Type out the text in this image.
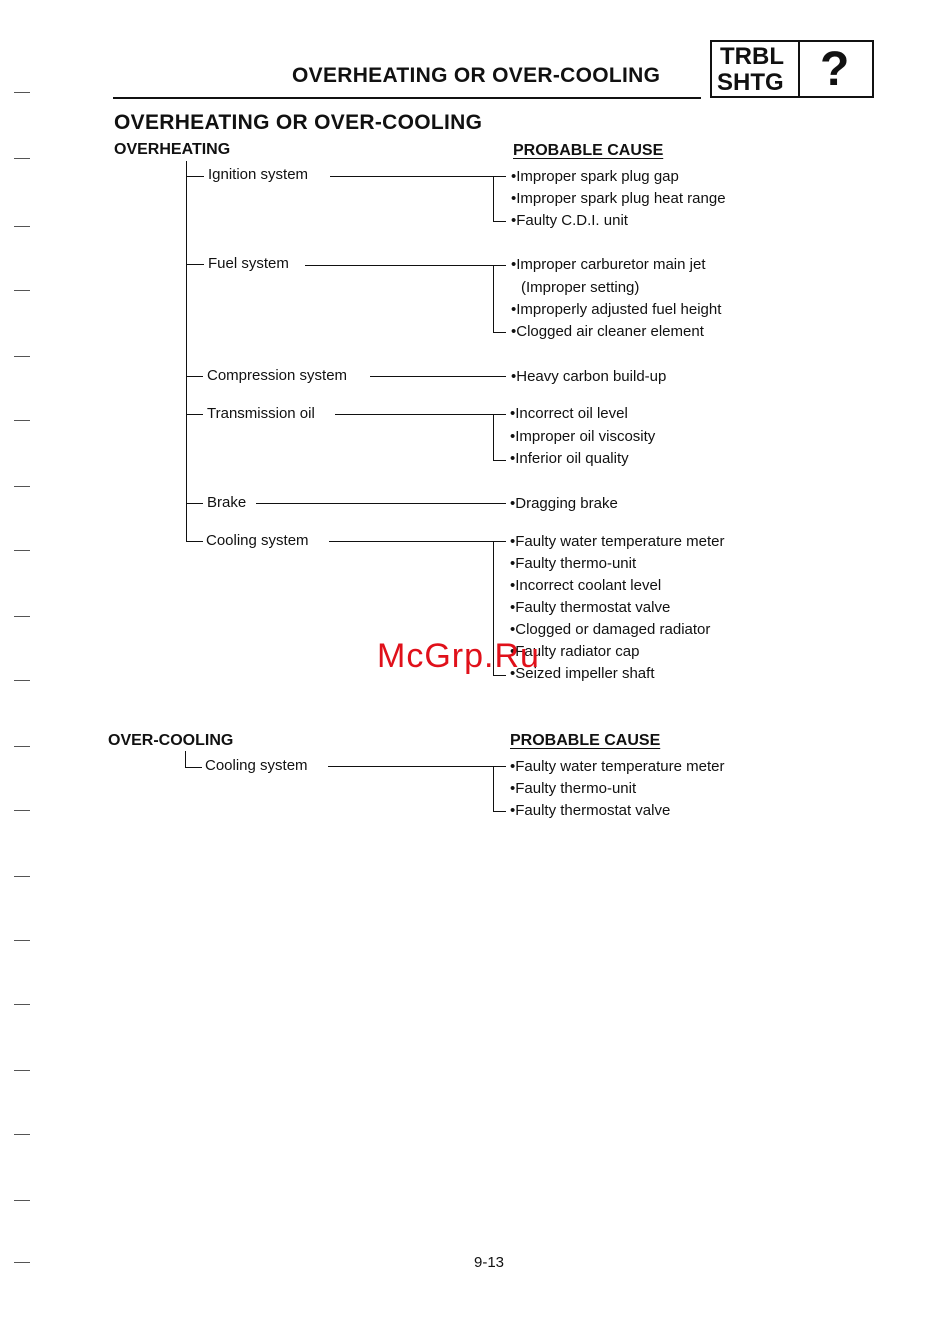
OVERHEATING OR OVER-COOLING
TRBL
SHTG ?
OVERHEATING OR OVER-COOLING
OVERHEATING	PROBABLE CAUSE
Ignition system	•Improper spark plug gap
•Improper spark plug heat range
•Faulty C.D.I. unit
Fuel system	•Improper carburetor main jet
(Improper setting)
•Improperly adjusted fuel height
•Clogged air cleaner element
Compression system	•Heavy carbon build-up
Transmission oil	•Incorrect oil level
•Improper oil viscosity
•Inferior oil quality
Brake	•Dragging brake
Cooling system	•Faulty water temperature meter
•Faulty thermo-unit
•Incorrect coolant level
•Faulty thermostat valve
•Clogged or damaged radiator
•Faulty radiator cap
•Seized impeller shaft
McGrp.Ru
OVER-COOLING	PROBABLE CAUSE
Cooling system	•Faulty water temperature meter
•Faulty thermo-unit
•Faulty thermostat valve
9-13
